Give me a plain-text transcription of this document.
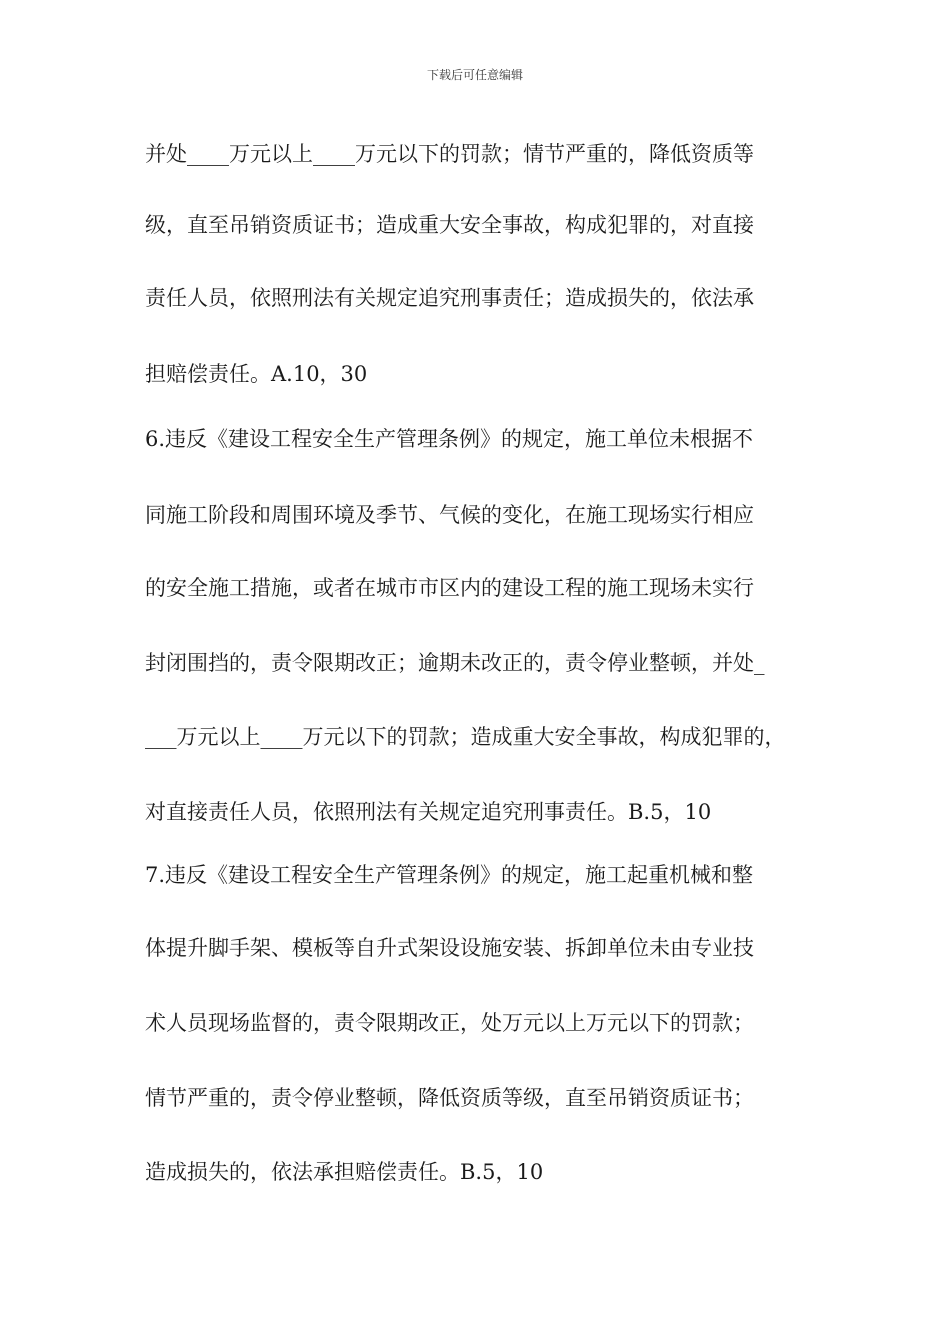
下载后可任意编辑
并处____万元以上____万元以下的罚款；情节严重的，降低资质等
级，直至吊销资质证书；造成重大安全事故，构成犯罪的，对直接
责任人员，依照刑法有关规定追究刑事责任；造成损失的，依法承
担赔偿责任。A.10，30
6.违反《建设工程安全生产管理条例》的规定，施工单位未根据不
同施工阶段和周围环境及季节、气候的变化，在施工现场实行相应
的安全施工措施，或者在城市市区内的建设工程的施工现场未实行
封闭围挡的，责令限期改正；逾期未改正的，责令停业整顿，并处_
___万元以上____万元以下的罚款；造成重大安全事故，构成犯罪的，
对直接责任人员，依照刑法有关规定追究刑事责任。B.5，10
7.违反《建设工程安全生产管理条例》的规定，施工起重机械和整
体提升脚手架、模板等自升式架设设施安装、拆卸单位未由专业技
术人员现场监督的，责令限期改正，处万元以上万元以下的罚款；
情节严重的，责令停业整顿，降低资质等级，直至吊销资质证书；
造成损失的，依法承担赔偿责任。B.5，10
